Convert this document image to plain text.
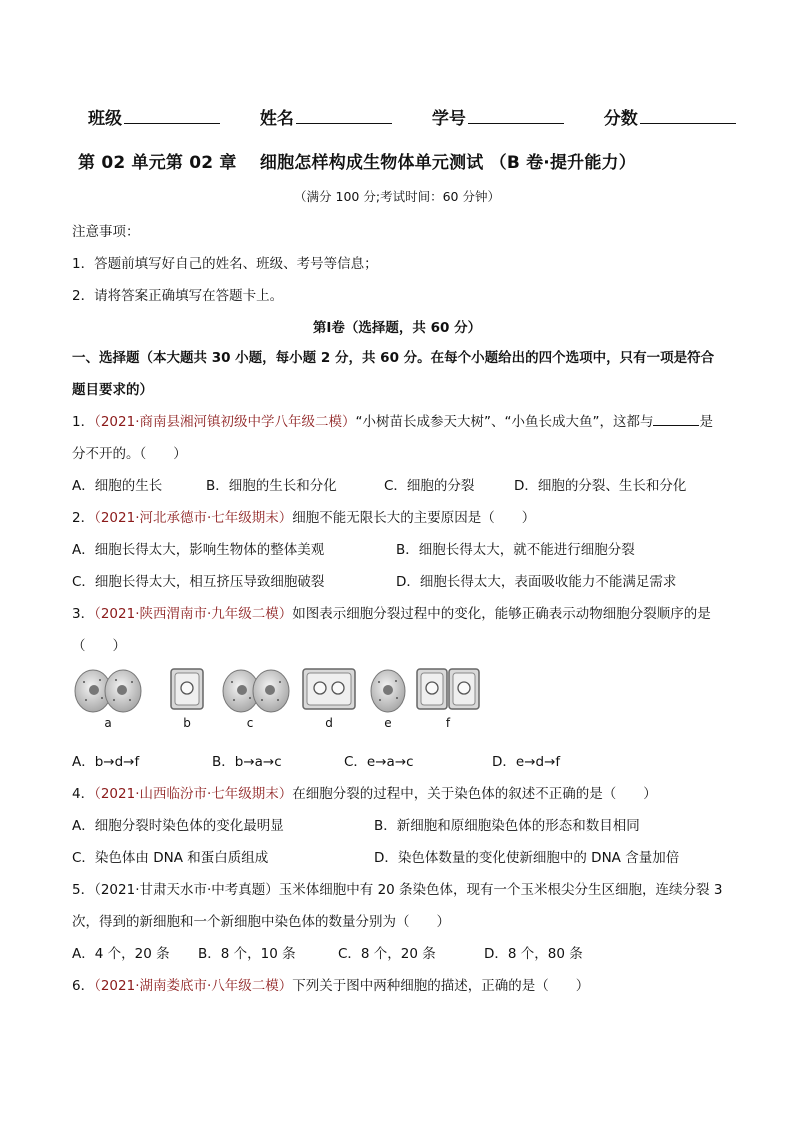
班级	姓名	学号	分数
第 02 单元第 02 章　 细胞怎样构成生物体单元测试 （B 卷·提升能力）
（满分 100 分;考试时间：60 分钟）
注意事项：
1．答题前填写好自己的姓名、班级、考号等信息；
2．请将答案正确填写在答题卡上。
第Ⅰ卷（选择题，共 60 分）
一、选择题（本大题共 30 小题，每小题 2 分，共 60 分。在每个小题给出的四个选项中，只有一项是符合
题目要求的）
1．（2021·商南县湘河镇初级中学八年级二模）“小树苗长成参天大树”、“小鱼长成大鱼”，这都与	是
分不开的。（　　）
A．细胞的生长	B．细胞的生长和分化	C．细胞的分裂	D．细胞的分裂、生长和分化
2．（2021·河北承德市·七年级期末）细胞不能无限长大的主要原因是（　　）
A．细胞长得太大，影响生物体的整体美观	B．细胞长得太大，就不能进行细胞分裂
C．细胞长得太大，相互挤压导致细胞破裂	D．细胞长得太大，表面吸收能力不能满足需求
3．（2021·陕西渭南市·九年级二模）如图表示细胞分裂过程中的变化，能够正确表示动物细胞分裂顺序的是
（　　）
a	b	c	d	e	f
A．b→d→f	B．b→a→c	C．e→a→c	D．e→d→f
4．（2021·山西临汾市·七年级期末）在细胞分裂的过程中，关于染色体的叙述不正确的是（　　）
A．细胞分裂时染色体的变化最明显	B．新细胞和原细胞染色体的形态和数目相同
C．染色体由 DNA 和蛋白质组成	D．染色体数量的变化使新细胞中的 DNA 含量加倍
5．（2021·甘肃天水市·中考真题）玉米体细胞中有 20 条染色体，现有一个玉米根尖分生区细胞，连续分裂 3
次，得到的新细胞和一个新细胞中染色体的数量分别为（　　）
A．4 个，20 条 B．8 个，10 条	C．8 个，20 条	D．8 个，80 条
6．（2021·湖南娄底市·八年级二模）下列关于图中两种细胞的描述，正确的是（　　）
